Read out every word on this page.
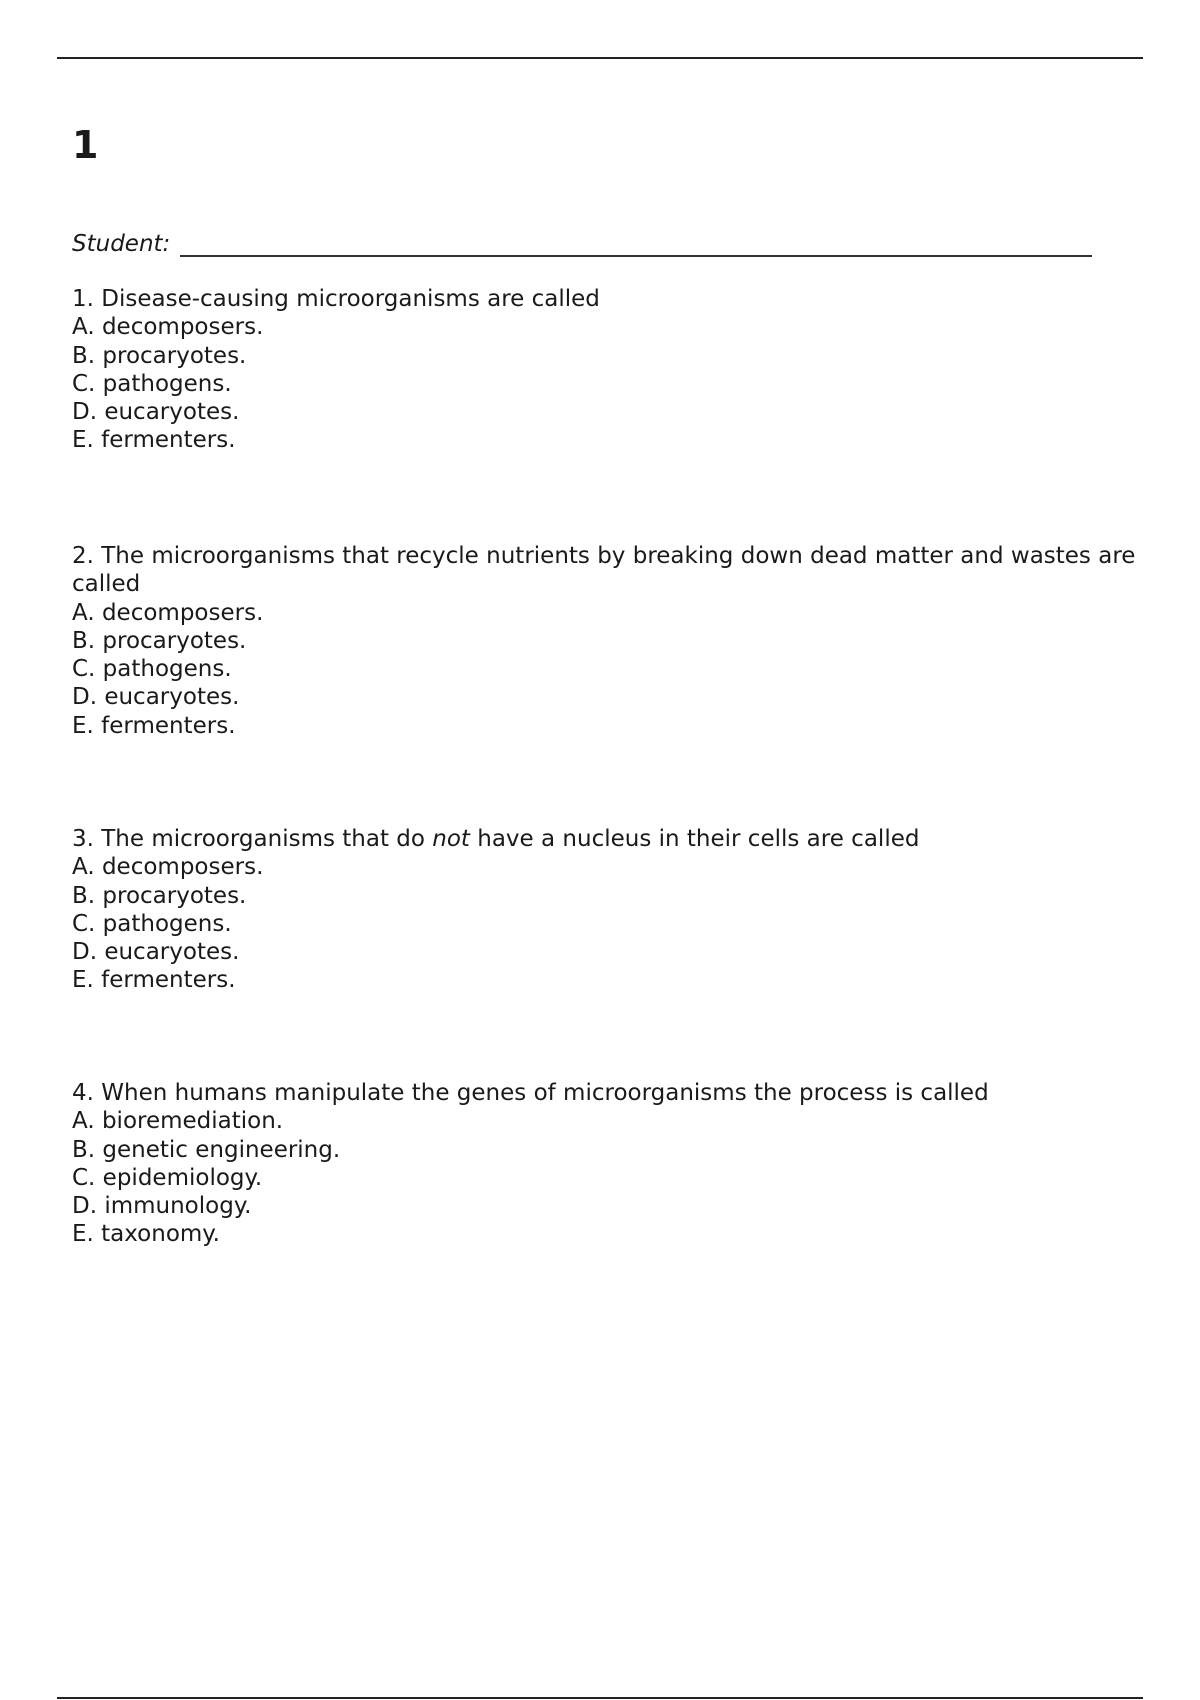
1
Student:

1. Disease-causing microorganisms are called

A. decomposers.

B. procaryotes.

C. pathogens.

D. eucaryotes.

E. fermenters.

2. The microorganisms that recycle nutrients by breaking down dead matter and wastes are called

A. decomposers.

B. procaryotes.

C. pathogens.

D. eucaryotes.

E. fermenters.

3. The microorganisms that do not have a nucleus in their cells are called

A. decomposers.

B. procaryotes.

C. pathogens.

D. eucaryotes.

E. fermenters.

4. When humans manipulate the genes of microorganisms the process is called

A. bioremediation.

B. genetic engineering.

C. epidemiology.

D. immunology.

E. taxonomy.
